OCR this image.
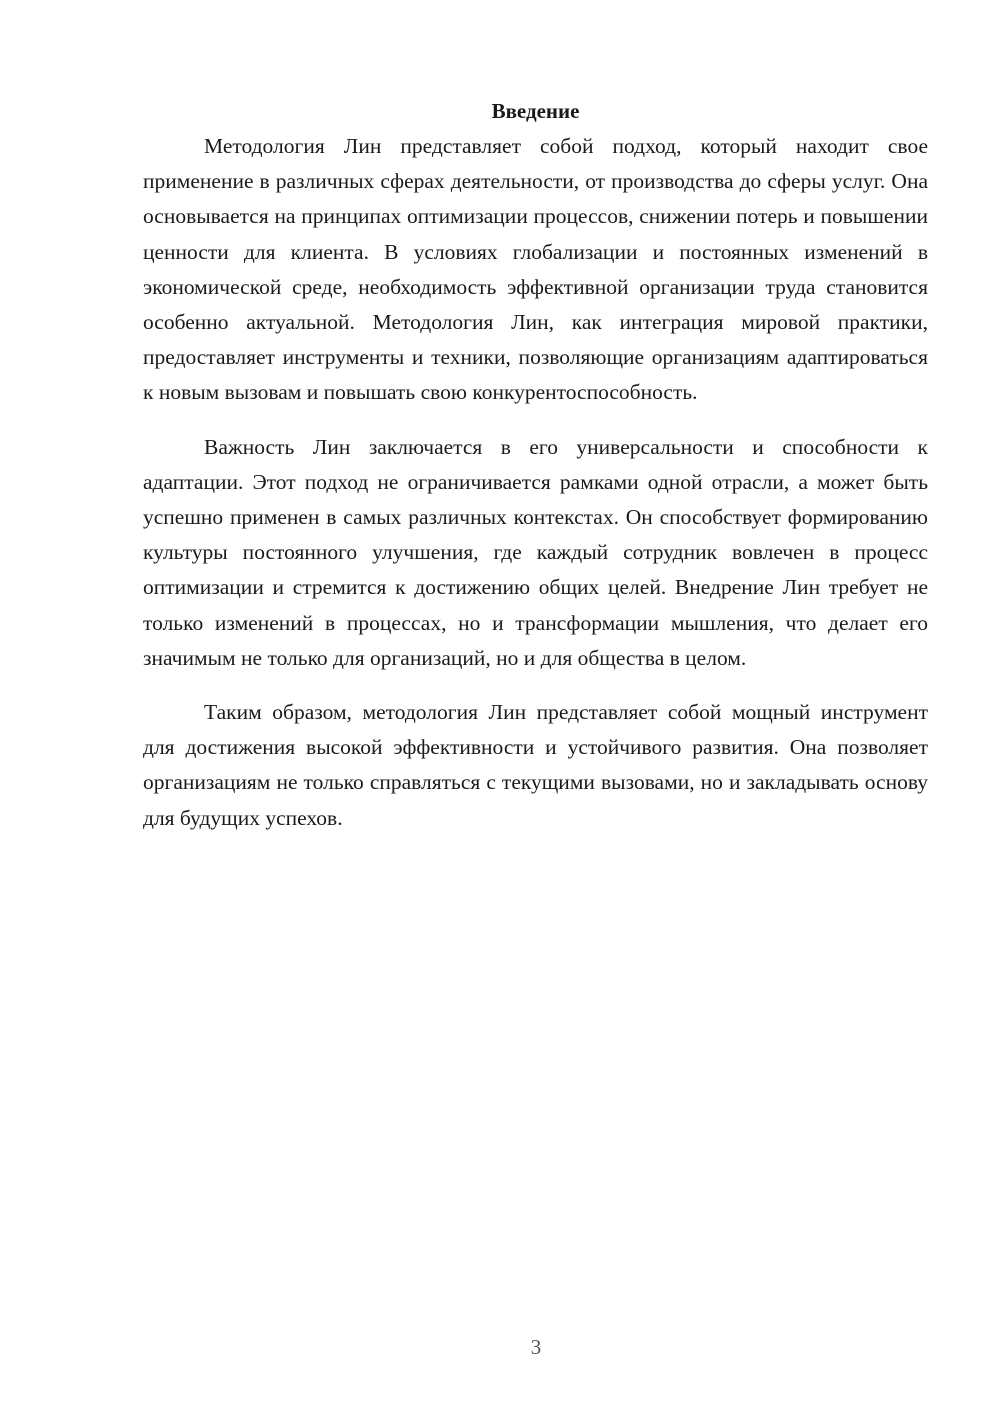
Введение

Методология Лин представляет собой подход, который находит свое применение в различных сферах деятельности, от производства до сферы услуг. Она основывается на принципах оптимизации процессов, снижении потерь и повышении ценности для клиента. В условиях глобализации и постоянных изменений в экономической среде, необходимость эффективной организации труда становится особенно актуальной. Методология Лин, как интеграция мировой практики, предоставляет инструменты и техники, позволяющие организациям адаптироваться к новым вызовам и повышать свою конкурентоспособность.

Важность Лин заключается в его универсальности и способности к адаптации. Этот подход не ограничивается рамками одной отрасли, а может быть успешно применен в самых различных контекстах. Он способствует формированию культуры постоянного улучшения, где каждый сотрудник вовлечен в процесс оптимизации и стремится к достижению общих целей. Внедрение Лин требует не только изменений в процессах, но и трансформации мышления, что делает его значимым не только для организаций, но и для общества в целом.

Таким образом, методология Лин представляет собой мощный инструмент для достижения высокой эффективности и устойчивого развития. Она позволяет организациям не только справляться с текущими вызовами, но и закладывать основу для будущих успехов.

3
